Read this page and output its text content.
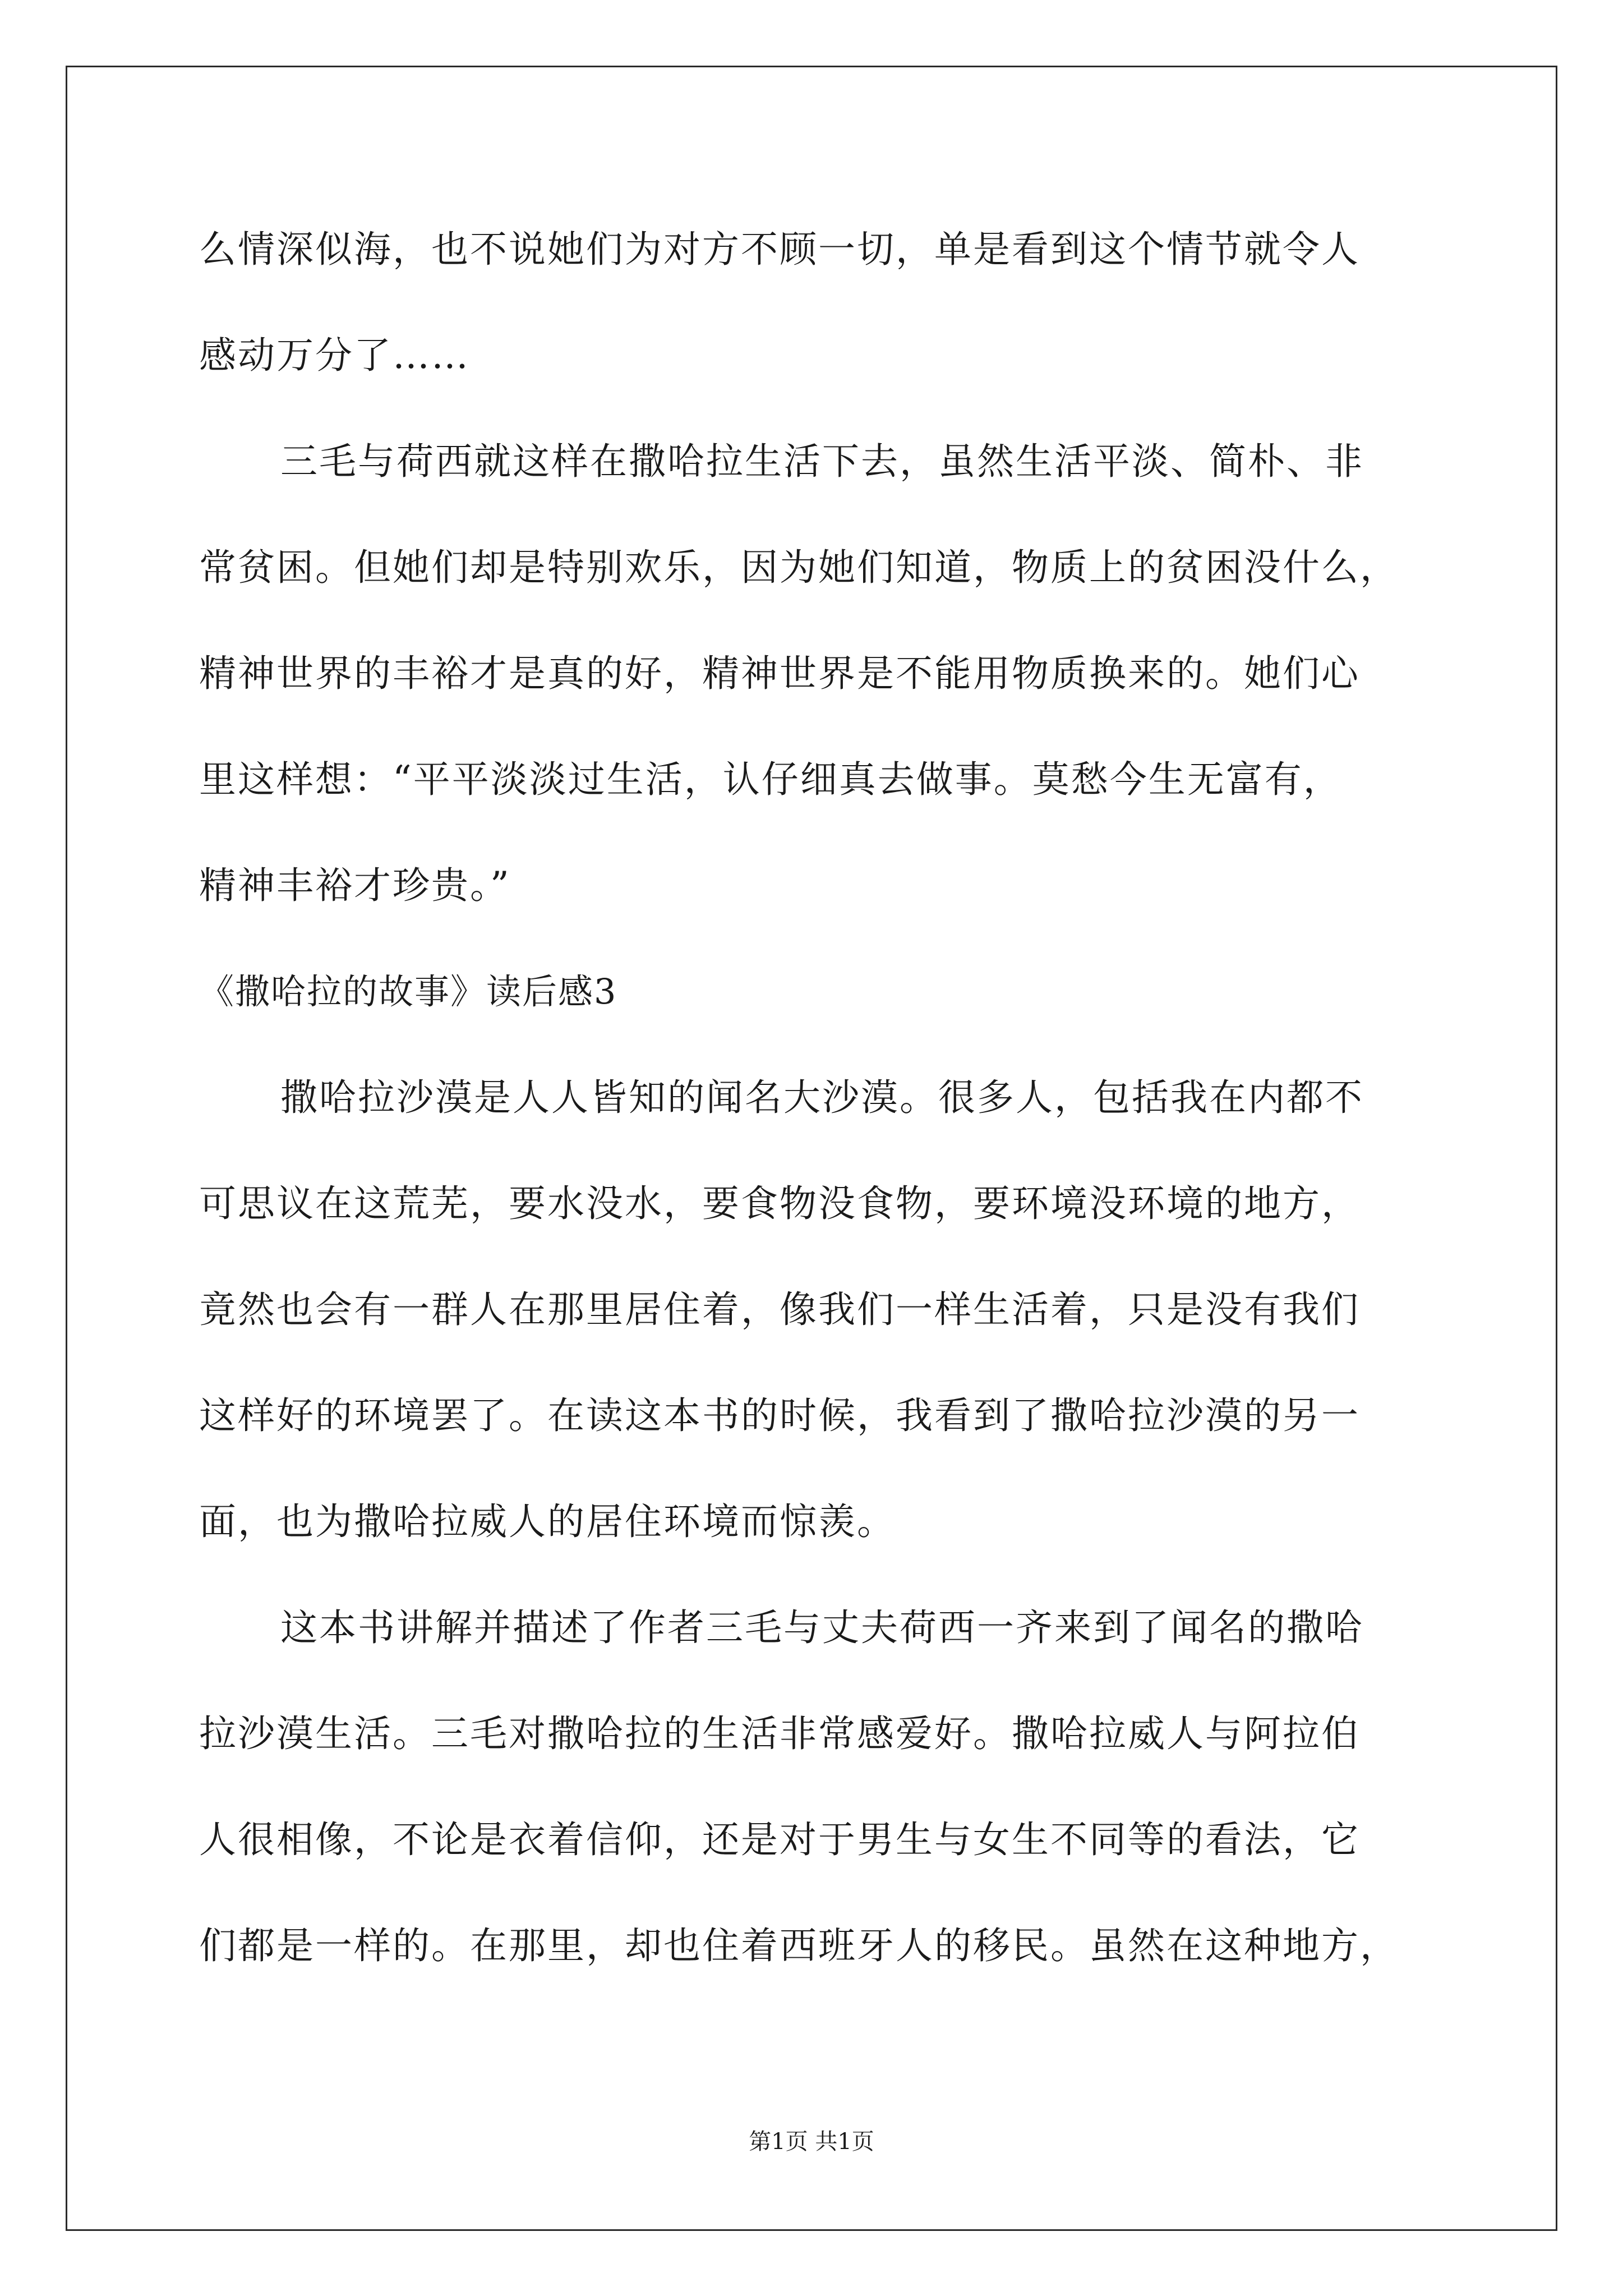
么情深似海，也不说她们为对方不顾一切，单是看到这个情节就令人
感动万分了……
三毛与荷西就这样在撒哈拉生活下去，虽然生活平淡、简朴、非
常贫困。但她们却是特别欢乐，因为她们知道，物质上的贫困没什么，
精神世界的丰裕才是真的好，精神世界是不能用物质换来的。她们心
里这样想：“平平淡淡过生活，认仔细真去做事。莫愁今生无富有，
精神丰裕才珍贵。”
《撒哈拉的故事》读后感3
撒哈拉沙漠是人人皆知的闻名大沙漠。很多人，包括我在内都不
可思议在这荒芜，要水没水，要食物没食物，要环境没环境的地方，
竟然也会有一群人在那里居住着，像我们一样生活着，只是没有我们
这样好的环境罢了。在读这本书的时候，我看到了撒哈拉沙漠的另一
面，也为撒哈拉威人的居住环境而惊羡。
这本书讲解并描述了作者三毛与丈夫荷西一齐来到了闻名的撒哈
拉沙漠生活。三毛对撒哈拉的生活非常感爱好。撒哈拉威人与阿拉伯
人很相像，不论是衣着信仰，还是对于男生与女生不同等的看法，它
们都是一样的。在那里，却也住着西班牙人的移民。虽然在这种地方，
第1页 共1页
